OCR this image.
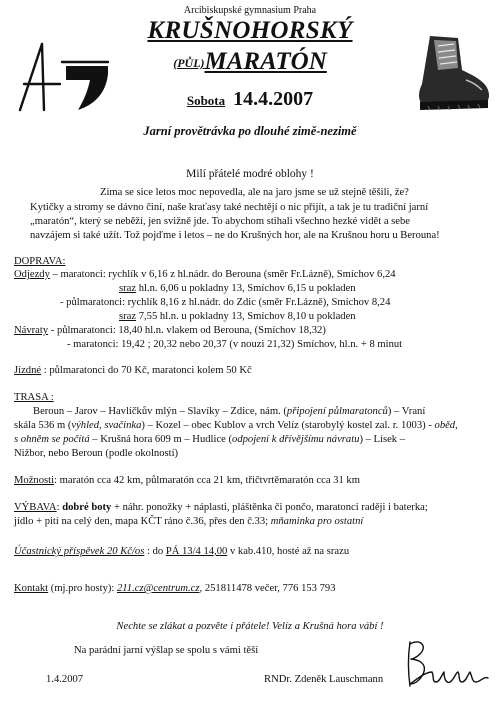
Arcibiskupské gymnasium Praha
KRUŠNOHORSKÝ
(PŮL)MARATÓN
Sobota 14.4.2007
Jarní provětrávka po dlouhé zimě-nezimě
Milí přátelé modré oblohy !
Zima se sice letos moc nepovedla, ale na jaro jsme se už stejně těšili, že?
Kytičky a stromy se dávno činí, naše kraťasy také nechtějí o nic přijít, a tak je tu tradiční jarní
„maratón“, který se neběží, jen svižně jde. To abychom stihali všechno hezké vidět a sebe
navzájem si také užít. Tož pojďme i letos – ne do Krušných hor, ale na Krušnou horu u Berouna!
DOPRAVA:
Odjezdy – maratonci: rychlík v 6,16 z hl.nádr. do Berouna (směr Fr.Lázně), Smíchov 6,24
sraz hl.n. 6,06 u pokladny 13, Smíchov 6,15 u pokladen
- půlmaratonci: rychlík 8,16 z hl.nádr. do Zdic (směr Fr.Lázně), Smíchov 8,24
sraz 7,55 hl.n. u pokladny 13, Smíchov 8,10 u pokladen
Návraty - půlmaratonci: 18,40 hl.n. vlakem od Berouna, (Smíchov 18,32)
- maratonci: 19,42 ; 20,32 nebo 20,37 (v nouzi 21,32) Smíchov, hl.n. + 8 minut
Jízdné : půlmaratonci do 70 Kč, maratonci kolem 50 Kč
TRASA :
Beroun – Jarov – Havlíčkův mlýn – Slavíky – Zdice, nám. (připojení půlmaratonců) – Vraní
skála 536 m (výhled, svačinka) – Kozel – obec Kublov a vrch Velíz (starobylý kostel zal. r. 1003) - oběd,
s ohněm se počítá – Krušná hora 609 m – Hudlice (odpojení k dřívějšímu návratu) – Lísek –
Nižbor, nebo Beroun (podle okolností)
Možnosti: maratón cca 42 km, půlmaratón cca 21 km, třičtvrtěmaratón cca 31 km
VÝBAVA: dobré boty + náhr. ponožky + náplasti, pláštěnka či pončo, maratonci raději i baterka;
jídlo + pití na celý den, mapa KČT ráno č.36, přes den č.33; mňaminka pro ostatní
Účastnický příspěvek 20 Kč/os : do PÁ 13/4 14,00 v kab.410, hosté až na srazu
Kontakt (mj.pro hosty): 211.cz@centrum.cz, 251811478 večer, 776 153 793
Nechte se zlákat a pozvěte i přátele! Velíz a Krušná hora vábí !
Na parádní jarní výšlap se spolu s vámi těší
1.4.2007	RNDr. Zdeněk Lauschmann
